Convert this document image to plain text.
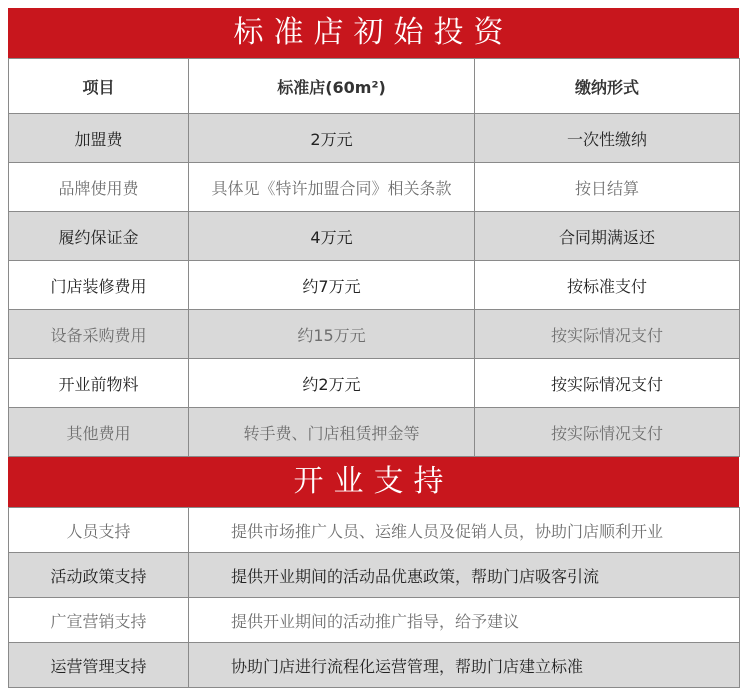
标准店初始投资
项目	标准店(60m²)	缴纳形式
加盟费	2万元	一次性缴纳
品牌使用费	具体见《特许加盟合同》相关条款	按日结算
履约保证金	4万元	合同期满返还
门店装修费用	约7万元	按标准支付
设备采购费用	约15万元	按实际情况支付
开业前物料	约2万元	按实际情况支付
其他费用	转手费、门店租赁押金等	按实际情况支付
开业支持
人员支持	提供市场推广人员、运维人员及促销人员，协助门店顺利开业
活动政策支持	提供开业期间的活动品优惠政策，帮助门店吸客引流
广宣营销支持	提供开业期间的活动推广指导，给予建议
运营管理支持	协助门店进行流程化运营管理，帮助门店建立标准
